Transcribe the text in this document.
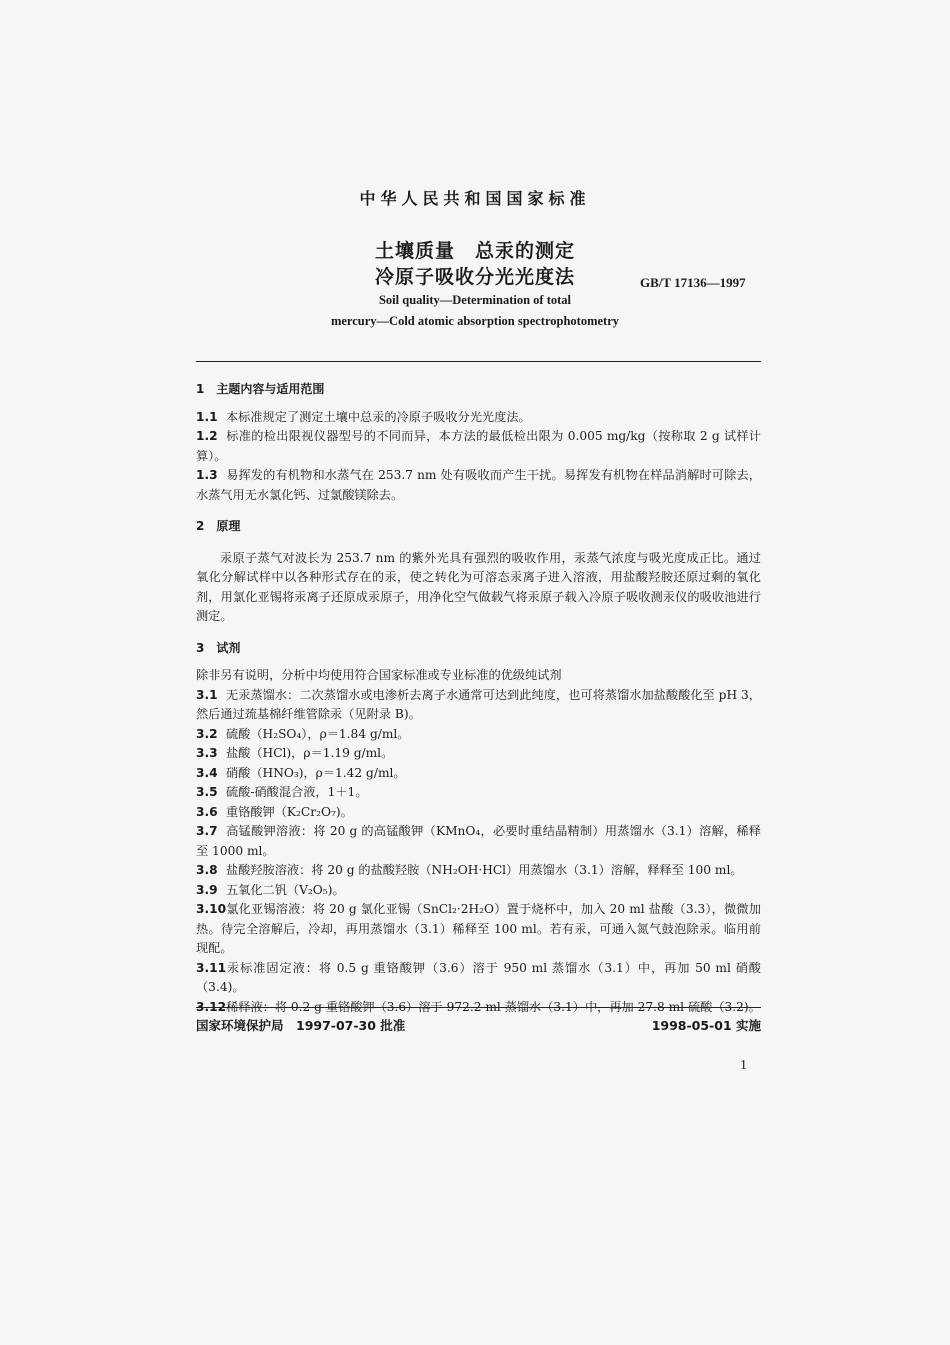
中华人民共和国国家标准
土壤质量　总汞的测定
冷原子吸收分光光度法	GB/T 17136—1997
Soil quality—Determination of total
mercury—Cold atomic absorption spectrophotometry
1　主题内容与适用范围

1.1 本标准规定了测定土壤中总汞的冷原子吸收分光光度法。

1.2 标准的检出限视仪器型号的不同而异，本方法的最低检出限为 0.005 mg/kg（按称取 2 g 试样计算）。

1.3 易挥发的有机物和水蒸气在 253.7 nm 处有吸收而产生干扰。易挥发有机物在样品消解时可除去，水蒸气用无水氯化钙、过氯酸镁除去。

2　原理

汞原子蒸气对波长为 253.7 nm 的紫外光具有强烈的吸收作用，汞蒸气浓度与吸光度成正比。通过氧化分解试样中以各种形式存在的汞，使之转化为可溶态汞离子进入溶液，用盐酸羟胺还原过剩的氧化剂，用氯化亚锡将汞离子还原成汞原子，用净化空气做载气将汞原子载入冷原子吸收测汞仪的吸收池进行测定。

3　试剂

除非另有说明，分析中均使用符合国家标准或专业标准的优级纯试剂

3.1 无汞蒸馏水：二次蒸馏水或电渗析去离子水通常可达到此纯度，也可将蒸馏水加盐酸酸化至 pH 3，然后通过巯基棉纤维管除汞（见附录 B)。

3.2 硫酸（H₂SO₄），ρ＝1.84 g/ml。

3.3 盐酸（HCl)，ρ＝1.19 g/ml。

3.4 硝酸（HNO₃)，ρ＝1.42 g/ml。

3.5 硫酸-硝酸混合液，1＋1。

3.6 重铬酸钾（K₂Cr₂O₇)。

3.7 高锰酸钾溶液：将 20 g 的高锰酸钾（KMnO₄，必要时重结晶精制）用蒸馏水（3.1）溶解，稀释至 1000 ml。

3.8 盐酸羟胺溶液：将 20 g 的盐酸羟胺（NH₂OH·HCl）用蒸馏水（3.1）溶解，释释至 100 ml。

3.9 五氧化二钒（V₂O₅)。

3.10氯化亚锡溶液：将 20 g 氯化亚锡（SnCl₂·2H₂O）置于烧杯中，加入 20 ml 盐酸（3.3），微微加热。待完全溶解后，冷却，再用蒸馏水（3.1）稀释至 100 ml。若有汞，可通入氮气鼓泡除汞。临用前现配。

3.11汞标准固定液：将 0.5 g 重铬酸钾（3.6）溶于 950 ml 蒸馏水（3.1）中，再加 50 ml 硝酸（3.4)。

3.12稀释液：将 0.2 g 重铬酸钾（3.6）溶于 972.2 ml 蒸馏水（3.1）中，再加 27.8 ml 硫酸（3.2)。

国家环境保护局　1997-07-30 批准	1998-05-01 实施
1
